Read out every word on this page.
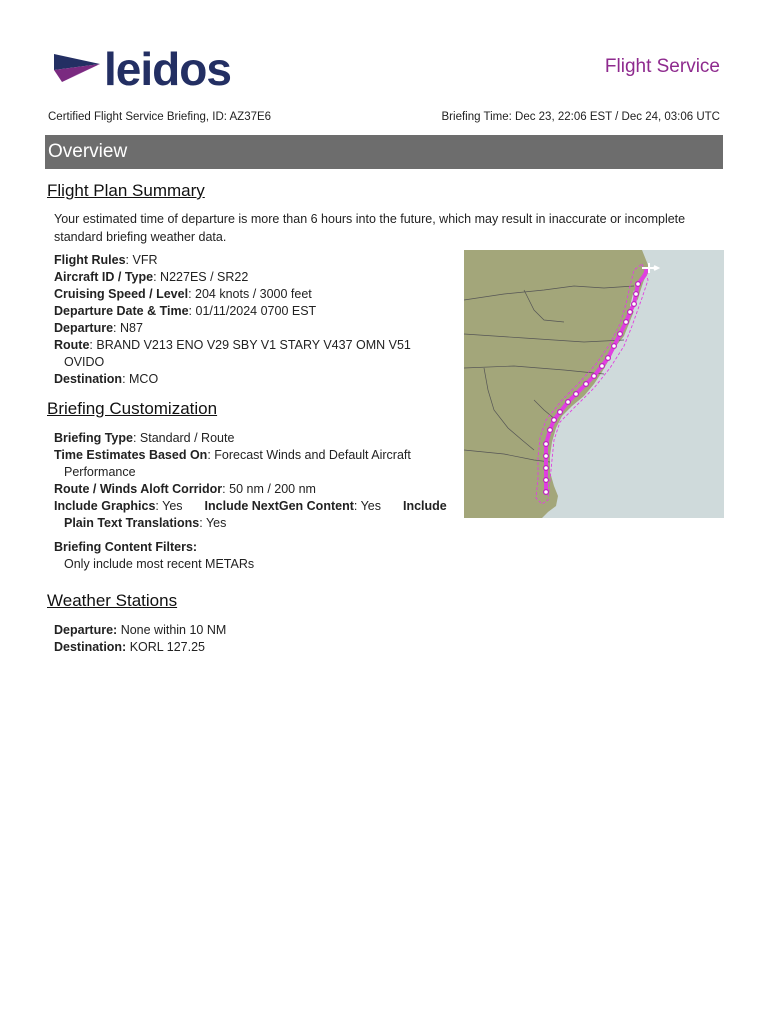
leidos	Flight Service
Certified Flight Service Briefing, ID: AZ37E6	Briefing Time: Dec 23, 22:06 EST / Dec 24, 03:06 UTC
Overview
Flight Plan Summary
Your estimated time of departure is more than 6 hours into the future, which may result in inaccurate or incomplete standard briefing weather data.

Flight Rules: VFR

Aircraft ID / Type: N227ES / SR22

Cruising Speed / Level: 204 knots / 3000 feet

Departure Date & Time: 01/11/2024 0700 EST

Departure: N87

Route: BRAND V213 ENO V29 SBY V1 STARY V437 OMN V51 OVIDO

Destination: MCO

Briefing Customization

Briefing Type: Standard / Route

Time Estimates Based On: Forecast Winds and Default Aircraft Performance

Route / Winds Aloft Corridor: 50 nm / 200 nm

Include Graphics: Yes Include NextGen Content: Yes Include Plain Text Translations: Yes

Briefing Content Filters:

Only include most recent METARs

Weather Stations

Departure: None within 10 NM

Destination: KORL 127.25
